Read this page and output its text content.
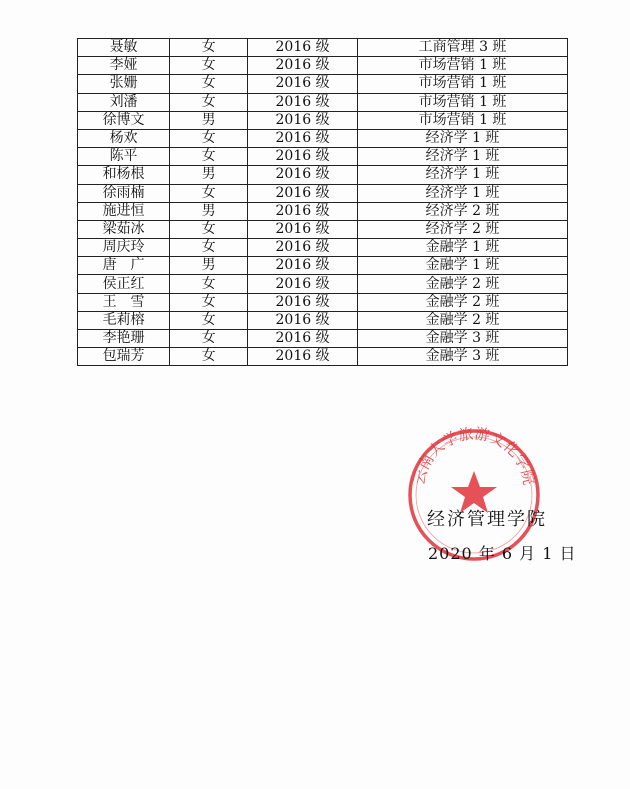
聂敏	女	2016 级	工商管理 3 班
李娅	女	2016 级	市场营销 1 班
张姗	女	2016 级	市场营销 1 班
刘潘	女	2016 级	市场营销 1 班
徐博文	男	2016 级	市场营销 1 班
杨欢	女	2016 级	经济学 1 班
陈平	女	2016 级	经济学 1 班
和杨根	男	2016 级	经济学 1 班
徐雨楠	女	2016 级	经济学 1 班
施进恒	男	2016 级	经济学 2 班
梁茹冰	女	2016 级	经济学 2 班
周庆玲	女	2016 级	金融学 1 班
唐　广	男	2016 级	金融学 1 班
侯正红	女	2016 级	金融学 2 班
王　雪	女	2016 级	金融学 2 班
毛莉榕	女	2016 级	金融学 2 班
李艳珊	女	2016 级	金融学 3 班
包瑞芳	女	2016 级	金融学 3 班
云南大学旅游文化学院
经济管理学院
2020 年 6 月 1 日
